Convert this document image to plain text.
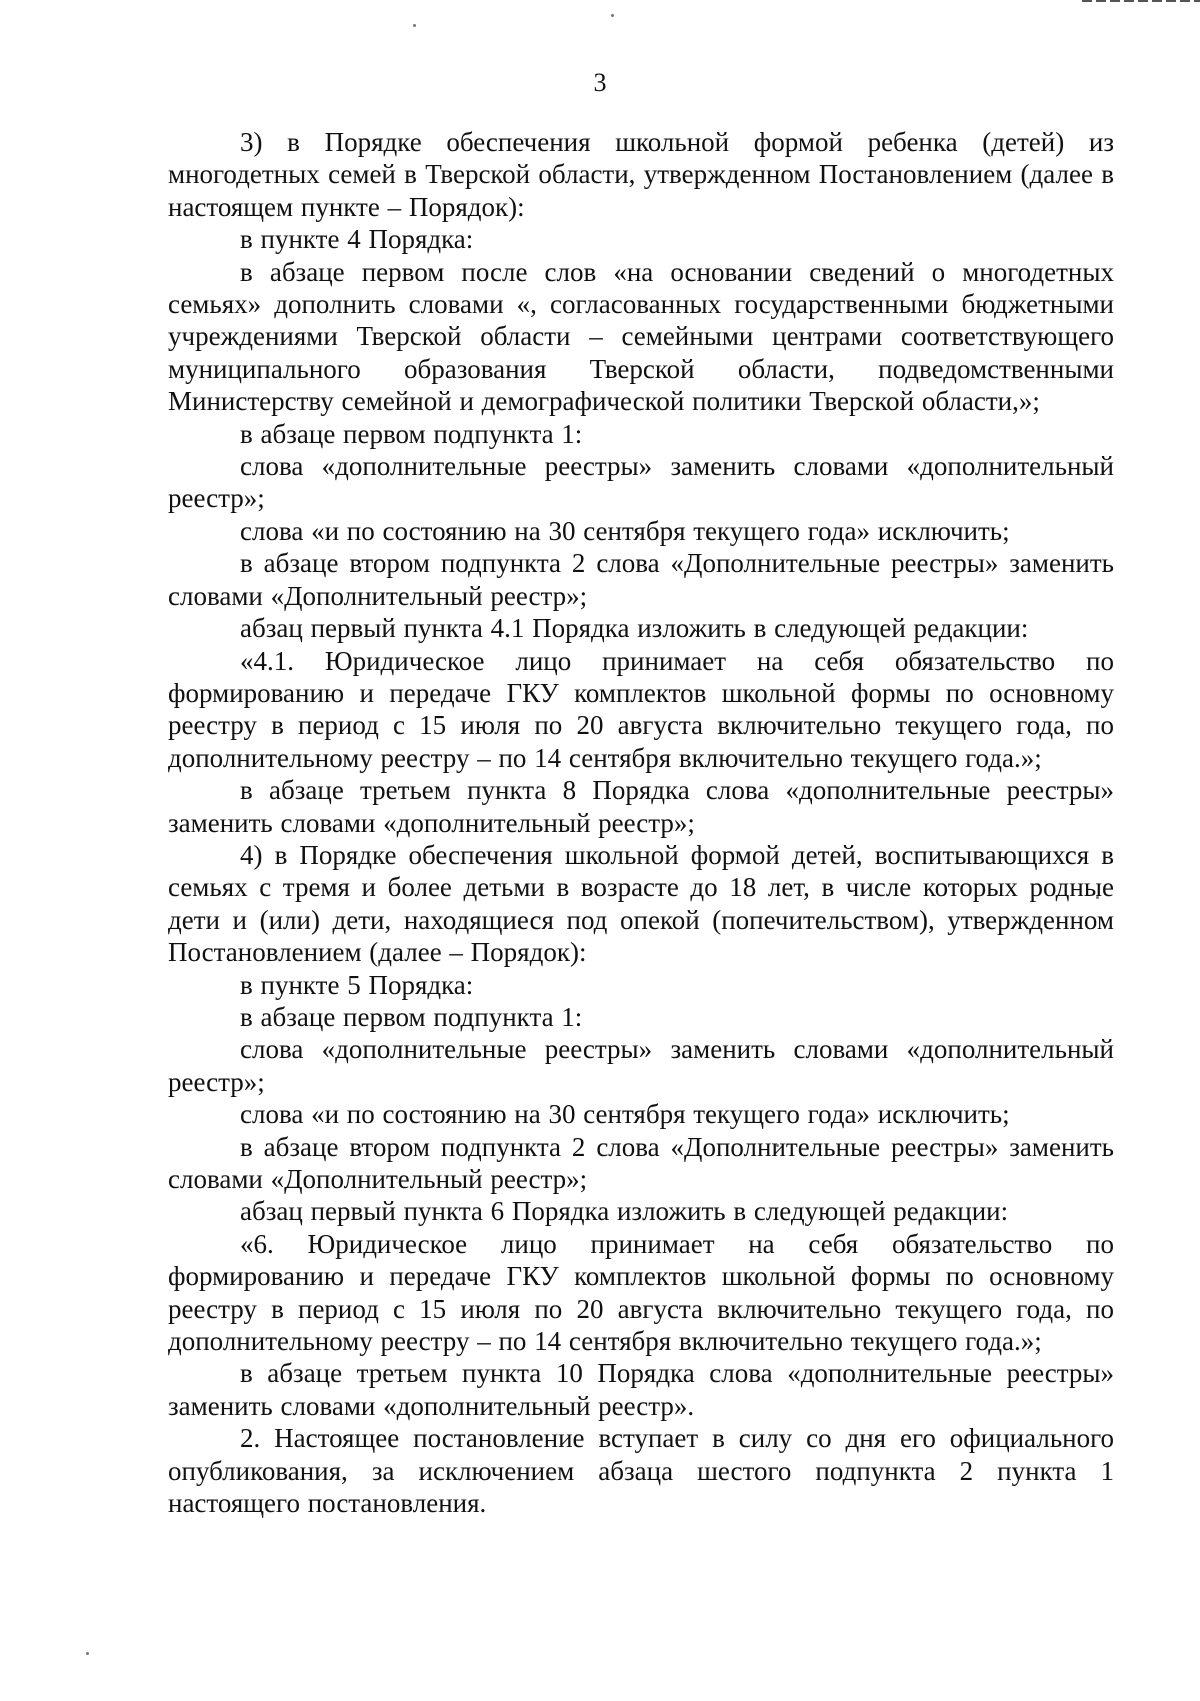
3

3) в Порядке обеспечения школьной формой ребенка (детей) из многодетных семей в Тверской области, утвержденном Постановлением (далее в настоящем пункте – Порядок):

в пункте 4 Порядка:

в абзаце первом после слов «на основании сведений о многодетных семьях» дополнить словами «, согласованных государственными бюджетными учреждениями Тверской области – семейными центрами соответствующего муниципального образования Тверской области, подведомственными Министерству семейной и демографической политики Тверской области,»;

в абзаце первом подпункта 1:

слова «дополнительные реестры» заменить словами «дополнительный реестр»;

слова «и по состоянию на 30 сентября текущего года» исключить;

в абзаце втором подпункта 2 слова «Дополнительные реестры» заменить словами «Дополнительный реестр»;

абзац первый пункта 4.1 Порядка изложить в следующей редакции:

«4.1. Юридическое лицо принимает на себя обязательство по формированию и передаче ГКУ комплектов школьной формы по основному реестру в период с 15 июля по 20 августа включительно текущего года, по дополнительному реестру – по 14 сентября включительно текущего года.»;

в абзаце третьем пункта 8 Порядка слова «дополнительные реестры» заменить словами «дополнительный реестр»;

4) в Порядке обеспечения школьной формой детей, воспитывающихся в семьях с тремя и более детьми в возрасте до 18 лет, в числе которых родные дети и (или) дети, находящиеся под опекой (попечительством), утвержденном Постановлением (далее – Порядок):

в пункте 5 Порядка:

в абзаце первом подпункта 1:

слова «дополнительные реестры» заменить словами «дополнительный реестр»;

слова «и по состоянию на 30 сентября текущего года» исключить;

в абзаце втором подпункта 2 слова «Дополнительные реестры» заменить словами «Дополнительный реестр»;

абзац первый пункта 6 Порядка изложить в следующей редакции:

«6. Юридическое лицо принимает на себя обязательство по формированию и передаче ГКУ комплектов школьной формы по основному реестру в период с 15 июля по 20 августа включительно текущего года, по дополнительному реестру – по 14 сентября включительно текущего года.»;

в абзаце третьем пункта 10 Порядка слова «дополнительные реестры» заменить словами «дополнительный реестр».

2. Настоящее постановление вступает в силу со дня его официального опубликования, за исключением абзаца шестого подпункта 2 пункта 1 настоящего постановления.
